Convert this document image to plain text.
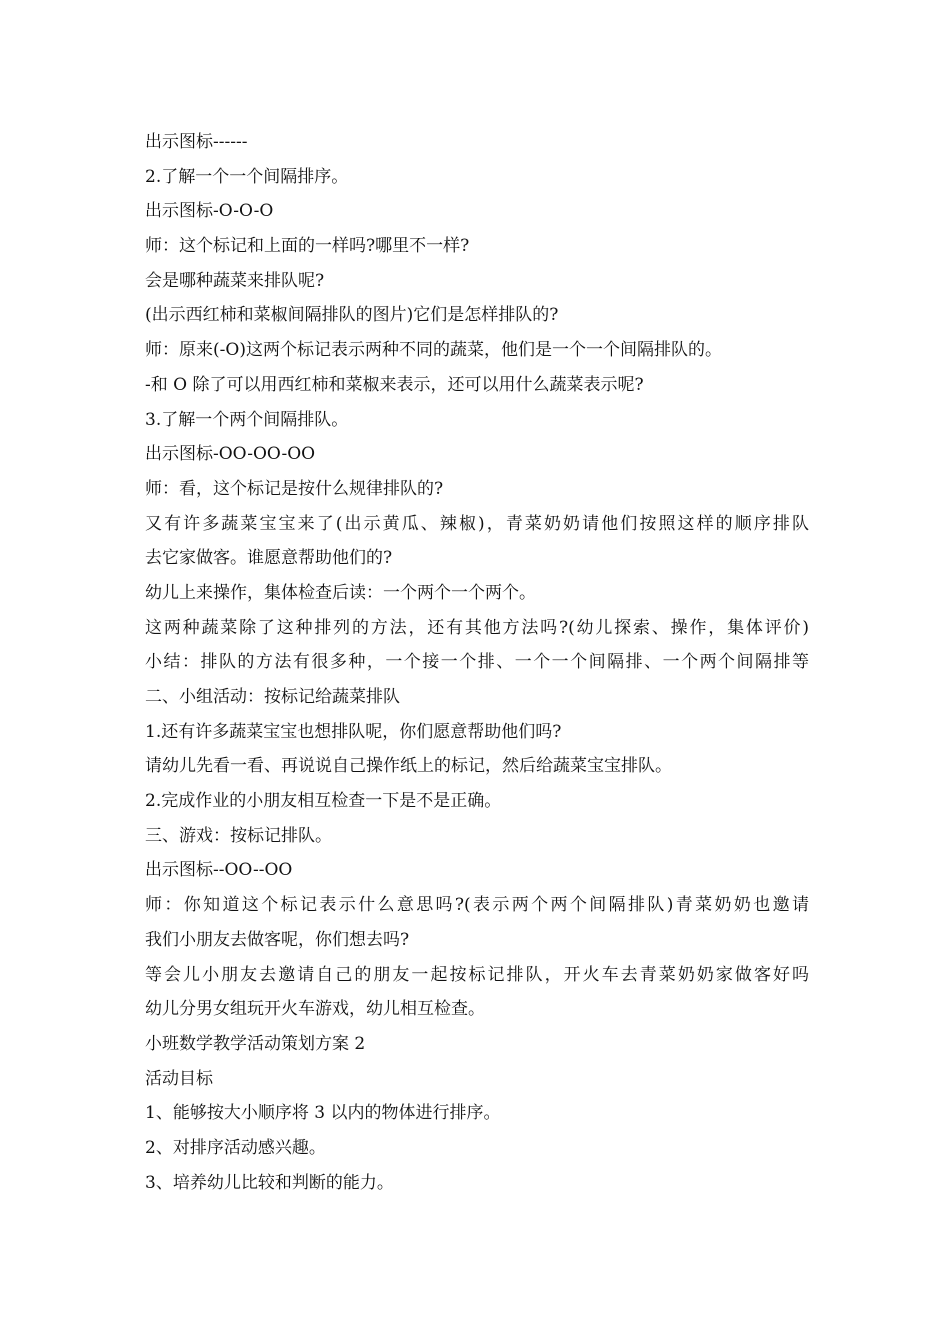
出示图标------
2.了解一个一个间隔排序。
出示图标-O-O-O
师：这个标记和上面的一样吗?哪里不一样?
会是哪种蔬菜来排队呢?
(出示西红柿和菜椒间隔排队的图片)它们是怎样排队的?
师：原来(-O)这两个标记表示两种不同的蔬菜，他们是一个一个间隔排队的。
-和 O 除了可以用西红柿和菜椒来表示，还可以用什么蔬菜表示呢?
3.了解一个两个间隔排队。
出示图标-OO-OO-OO
师：看，这个标记是按什么规律排队的?
又有许多蔬菜宝宝来了(出示黄瓜、辣椒)，青菜奶奶请他们按照这样的顺序排队
去它家做客。谁愿意帮助他们的?
幼儿上来操作，集体检查后读：一个两个一个两个。
这两种蔬菜除了这种排列的方法，还有其他方法吗?(幼儿探索、操作，集体评价)
小结：排队的方法有很多种，一个接一个排、一个一个间隔排、一个两个间隔排等
二、小组活动：按标记给蔬菜排队
1.还有许多蔬菜宝宝也想排队呢，你们愿意帮助他们吗?
请幼儿先看一看、再说说自己操作纸上的标记，然后给蔬菜宝宝排队。
2.完成作业的小朋友相互检查一下是不是正确。
三、游戏：按标记排队。
出示图标--OO--OO
师：你知道这个标记表示什么意思吗?(表示两个两个间隔排队)青菜奶奶也邀请
我们小朋友去做客呢，你们想去吗?
等会儿小朋友去邀请自己的朋友一起按标记排队，开火车去青菜奶奶家做客好吗
幼儿分男女组玩开火车游戏，幼儿相互检查。
小班数学教学活动策划方案 2
活动目标
1、能够按大小顺序将 3 以内的物体进行排序。
2、对排序活动感兴趣。
3、培养幼儿比较和判断的能力。
